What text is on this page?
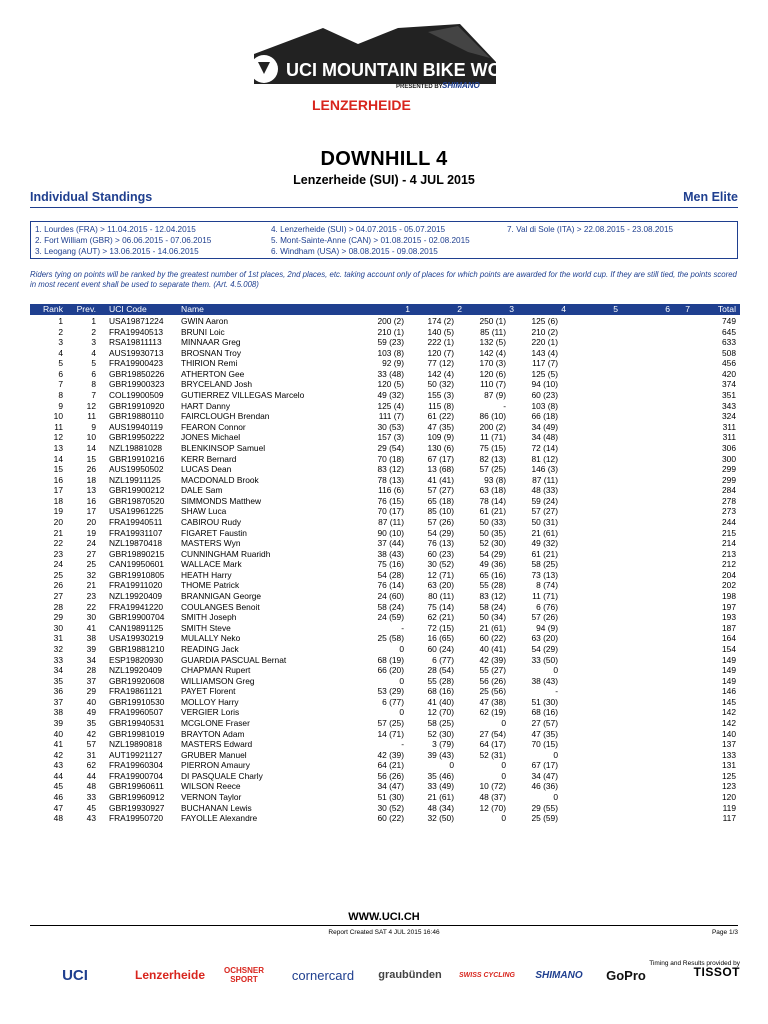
UCI MOUNTAIN BIKE WORLD CUP
PRESENTED BY SHIMANO
LENZERHEIDE
DOWNHILL 4
Lenzerheide (SUI) - 4 JUL 2015
Individual Standings	Men Elite
1. Lourdes (FRA) > 11.04.2015 - 12.04.2015
2. Fort William (GBR) > 06.06.2015 - 07.06.2015
3. Leogang (AUT) > 13.06.2015 - 14.06.2015
4. Lenzerheide (SUI) > 04.07.2015 - 05.07.2015
5. Mont-Sainte-Anne (CAN) > 01.08.2015 - 02.08.2015
6. Windham (USA) > 08.08.2015 - 09.08.2015
7. Val di Sole (ITA) > 22.08.2015 - 23.08.2015
Riders tying on points will be ranked by the greatest number of 1st places, 2nd places, etc. taking account only of places for which points are awarded for the world cup. If they are still tied, the points scored in most recent event shall be used to separate them. (Art. 4.5.008)
Rank	Prev. UCI Code	Name	1	2	3	4	5	6	7	Total
1	1 USA19871224 GWIN Aaron	200 (2)	174 (2)	250 (1)	125 (6)	749
2	2 FRA19940513 BRUNI Loic	210 (1)	140 (5)	85 (11)	210 (2)	645
3	3 RSA19811113 MINNAAR Greg	59 (23)	222 (1)	132 (5)	220 (1)	633
4	4 AUS19930713 BROSNAN Troy	103 (8)	120 (7)	142 (4)	143 (4)	508
5	5 FRA19900423 THIRION Remi	92 (9)	77 (12)	170 (3)	117 (7)	456
6	6 GBR19850226 ATHERTON Gee	33 (48)	142 (4)	120 (6)	125 (5)	420
7	8 GBR19900323 BRYCELAND Josh	120 (5)	50 (32)	110 (7)	94 (10)	374
8	7 COL19900509 GUTIERREZ VILLEGAS Marcelo	49 (32)	155 (3)	87 (9)	60 (23)	351
9	12 GBR19910920 HART Danny	125 (4)	115 (8)	-	103 (8)	343
10	11 GBR19880110 FAIRCLOUGH Brendan	111 (7)	61 (22)	86 (10)	66 (18)	324
11	9 AUS19940119 FEARON Connor	30 (53)	47 (35)	200 (2)	34 (49)	311
12	10 GBR19950222 JONES Michael	157 (3)	109 (9)	11 (71)	34 (48)	311
13	14 NZL19881028 BLENKINSOP Samuel	29 (54)	130 (6)	75 (15)	72 (14)	306
14	15 GBR19910216 KERR Bernard	70 (18)	67 (17)	82 (13)	81 (12)	300
15	26 AUS19950502 LUCAS Dean	83 (12)	13 (68)	57 (25)	146 (3)	299
16	18 NZL19911125 MACDONALD Brook	78 (13)	41 (41)	93 (8)	87 (11)	299
17	13 GBR19900212 DALE Sam	116 (6)	57 (27)	63 (18)	48 (33)	284
18	16 GBR19870520 SIMMONDS Matthew	76 (15)	65 (18)	78 (14)	59 (24)	278
19	17 USA19961225 SHAW Luca	70 (17)	85 (10)	61 (21)	57 (27)	273
20	20 FRA19940511 CABIROU Rudy	87 (11)	57 (26)	50 (33)	50 (31)	244
21	19 FRA19931107 FIGARET Faustin	90 (10)	54 (29)	50 (35)	21 (61)	215
22	24 NZL19870418 MASTERS Wyn	37 (44)	76 (13)	52 (30)	49 (32)	214
23	27 GBR19890215 CUNNINGHAM Ruaridh	38 (43)	60 (23)	54 (29)	61 (21)	213
24	25 CAN19950601 WALLACE Mark	75 (16)	30 (52)	49 (36)	58 (25)	212
25	32 GBR19910805 HEATH Harry	54 (28)	12 (71)	65 (16)	73 (13)	204
26	21 FRA19911020 THOME Patrick	76 (14)	63 (20)	55 (28)	8 (74)	202
27	23 NZL19920409 BRANNIGAN George	24 (60)	80 (11)	83 (12)	11 (71)	198
28	22 FRA19941220 COULANGES Benoit	58 (24)	75 (14)	58 (24)	6 (76)	197
29	30 GBR19900704 SMITH Joseph	24 (59)	62 (21)	50 (34)	57 (26)	193
30	41 CAN19891125 SMITH Steve	-	72 (15)	21 (61)	94 (9)	187
31	38 USA19930219 MULALLY Neko	25 (58)	16 (65)	60 (22)	63 (20)	164
32	39 GBR19881210 READING Jack	0	60 (24)	40 (41)	54 (29)	154
33	34 ESP19820930 GUARDIA PASCUAL Bernat	68 (19)	6 (77)	42 (39)	33 (50)	149
34	28 NZL19920409 CHAPMAN Rupert	66 (20)	28 (54)	55 (27)	0	149
35	37 GBR19920608 WILLIAMSON Greg	0	55 (28)	56 (26)	38 (43)	149
36	29 FRA19861121 PAYET Florent	53 (29)	68 (16)	25 (56)	-	146
37	40 GBR19910530 MOLLOY Harry	6 (77)	41 (40)	47 (38)	51 (30)	145
38	49 FRA19960507 VERGIER Loris	0	12 (70)	62 (19)	68 (16)	142
39	35 GBR19940531 MCGLONE Fraser	57 (25)	58 (25)	0	27 (57)	142
40	42 GBR19981019 BRAYTON Adam	14 (71)	52 (30)	27 (54)	47 (35)	140
41	57 NZL19890818 MASTERS Edward	-	3 (79)	64 (17)	70 (15)	137
42	31 AUT19921127 GRUBER Manuel	42 (39)	39 (43)	52 (31)	0	133
43	62 FRA19960304 PIERRON Amaury	64 (21)	0	0	67 (17)	131
44	44 FRA19900704 DI PASQUALE Charly	56 (26)	35 (46)	0	34 (47)	125
45	48 GBR19960611 WILSON Reece	34 (47)	33 (49)	10 (72)	46 (36)	123
46	33 GBR19960912 VERNON Taylor	51 (30)	21 (61)	48 (37)	0	120
47	45 GBR19930927 BUCHANAN Lewis	30 (52)	48 (34)	12 (70)	29 (55)	119
48	43 FRA19950720 FAYOLLE Alexandre	60 (22)	32 (50)	0	25 (59)	117
WWW.UCI.CH
Report Created SAT 4 JUL 2015 16:46	Page 1/3
UCI	Lenzerheide	OCHSNER SPORT	cornercard	graubünden	SWISS CYCLING	SHIMANO	GoPro
Timing and Results provided by
TISSOT
